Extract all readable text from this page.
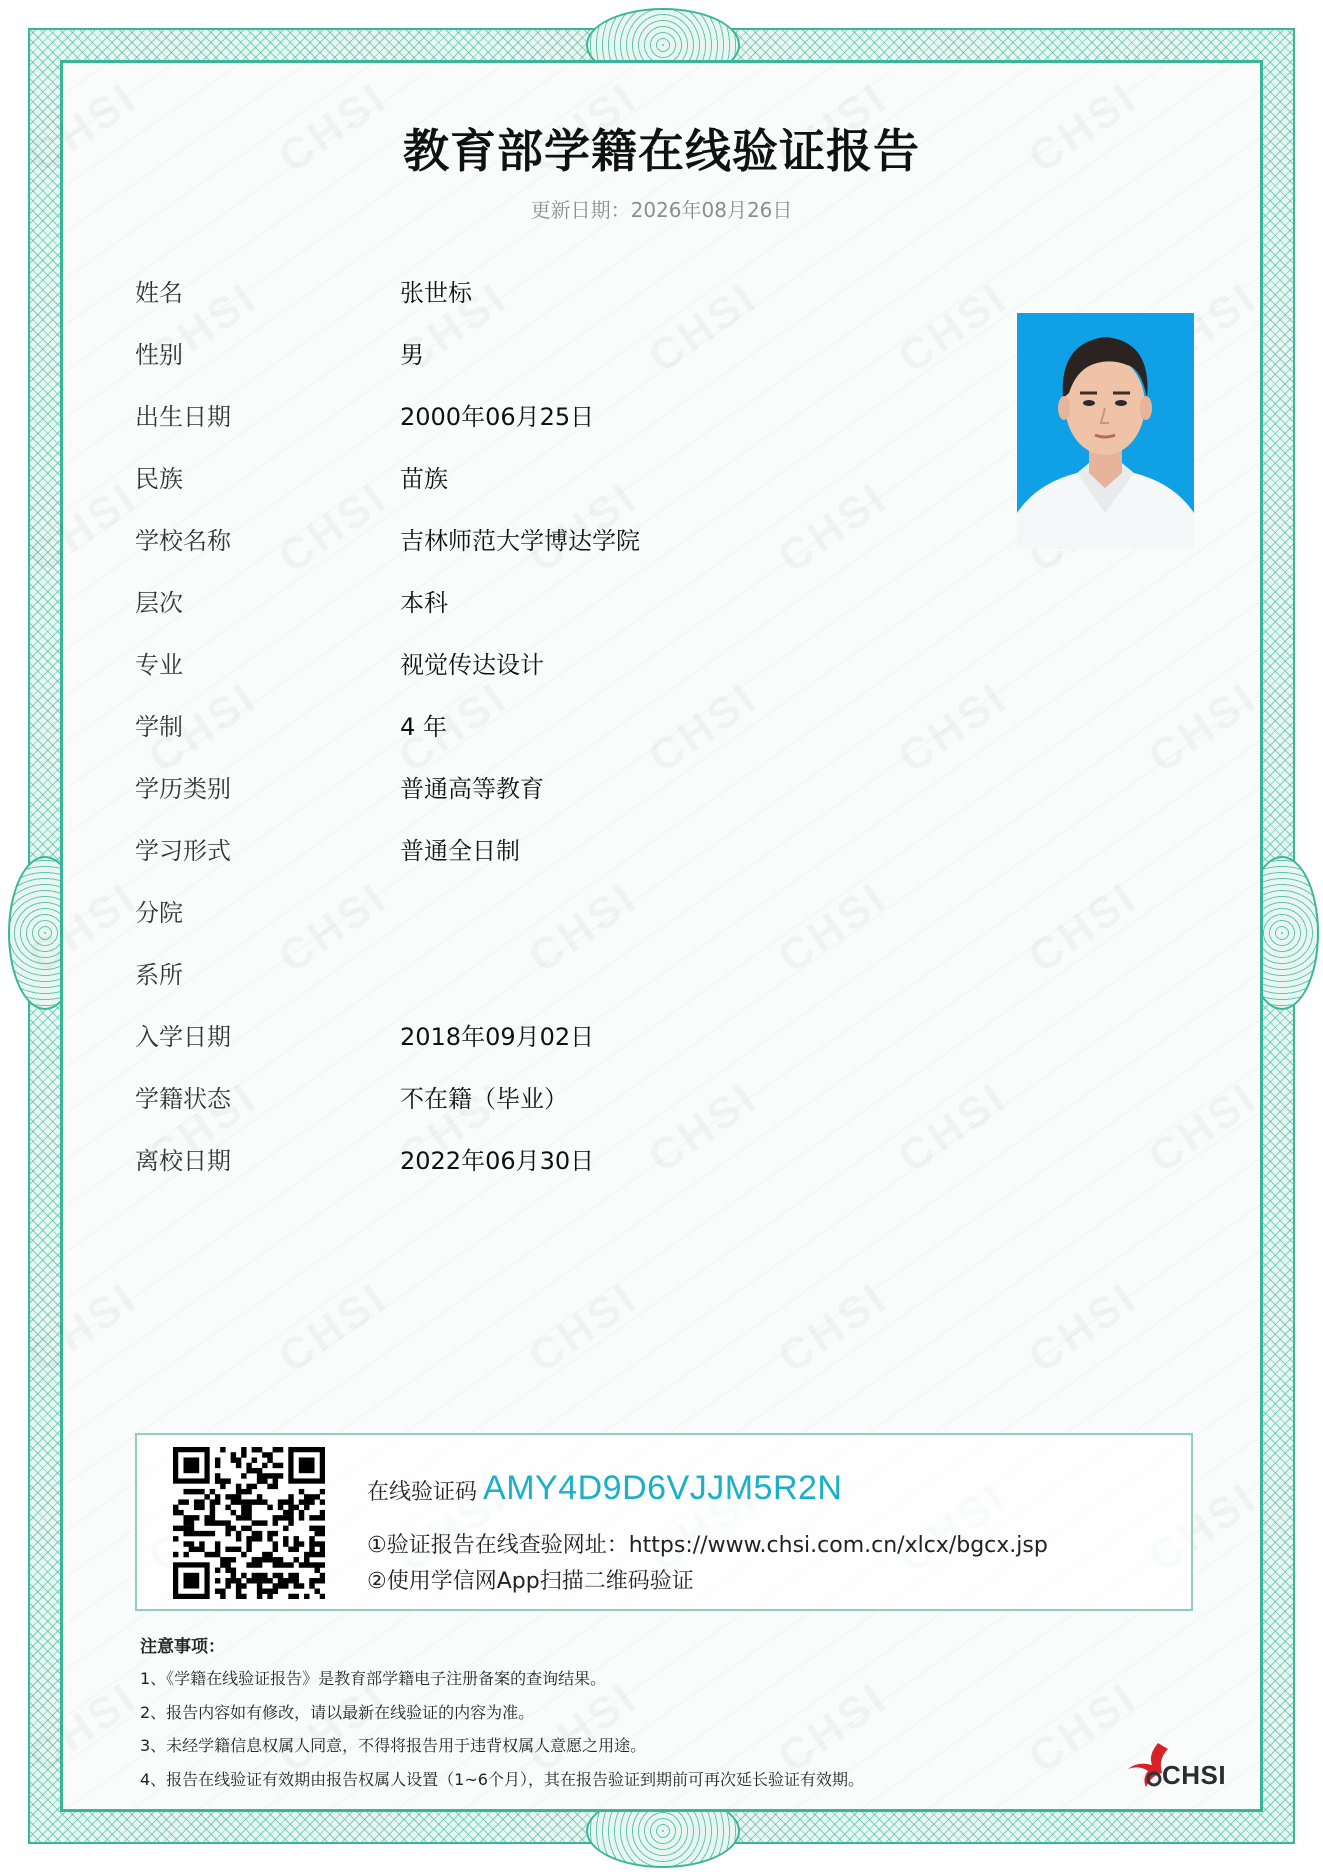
教育部学籍在线验证报告
更新日期：2026年08月26日
姓名	张世标
性别	男
出生日期	2000年06月25日
民族	苗族
学校名称	吉林师范大学博达学院
层次	本科
专业	视觉传达设计
学制	4 年
学历类别	普通高等教育
学习形式	普通全日制
分院
系所
入学日期	2018年09月02日
学籍状态	不在籍（毕业）
离校日期	2022年06月30日
在线验证码 AMY4D9D6VJJM5R2N
①验证报告在线查验网址：https://www.chsi.com.cn/xlcx/bgcx.jsp
②使用学信网App扫描二维码验证
注意事项：
1、《学籍在线验证报告》是教育部学籍电子注册备案的查询结果。
2、报告内容如有修改，请以最新在线验证的内容为准。
3、未经学籍信息权属人同意，不得将报告用于违背权属人意愿之用途。
4、报告在线验证有效期由报告权属人设置（1~6个月），其在报告验证到期前可再次延长验证有效期。	CHSI
